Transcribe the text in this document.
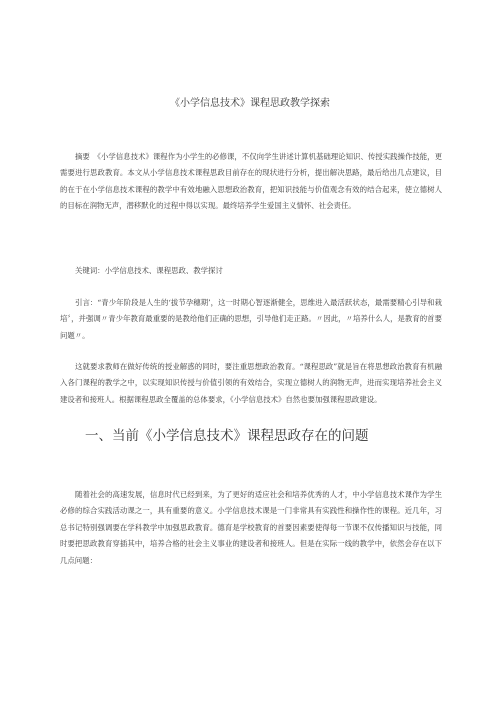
《小学信息技术》课程思政教学探索

摘要　《小学信息技术》课程作为小学生的必修课，不仅向学生讲述计算机基础理论知识、传授实践操作技能，更需要进行思政教育。本文从小学信息技术课程思政目前存在的现状进行分析，提出解决思路，最后给出几点建议，目的在于在小学信息技术课程的教学中有效地融入思想政治教育，把知识技能与价值观念有效的结合起来，使立德树人的目标在润物无声，潜移默化的过程中得以实现。最终培养学生爱国主义情怀、社会责任。

关键词：小学信息技术、课程思政、教学探讨

引言：“青少年阶段是人生的‘拔节孕穗期’，这一时期心智逐渐健全，思维进入最活跃状态，最需要精心引导和栽培〞，并强调〃青少年教育最重要的是教给他们正确的思想，引导他们走正路。〃因此，〃培养什么人，是教育的首要问题〃。

这就要求教师在做好传统的授业解惑的同时，要注重思想政治教育。“课程思政”就是旨在将思想政治教育有机融入各门课程的教学之中，以实现知识传授与价值引领的有效结合，实现立德树人的润物无声，进而实现培养社会主义建设者和接班人。根据课程思政全覆盖的总体要求，《小学信息技术》自然也要加强课程思政建设。

一、当前《小学信息技术》课程思政存在的问题

随着社会的高速发展，信息时代已经到来，为了更好的适应社会和培养优秀的人才，中小学信息技术课作为学生必修的综合实践活动课之一，具有重要的意义。小学信息技术课是一门非常具有实践性和操作性的课程。近几年，习总书记特别强调要在学科教学中加强思政教育。德育是学校教育的首要因素要使得每一节课不仅传播知识与技能，同时要把思政教育穿插其中，培养合格的社会主义事业的建设者和接班人。但是在实际一线的教学中，依然会存在以下几点问题：
